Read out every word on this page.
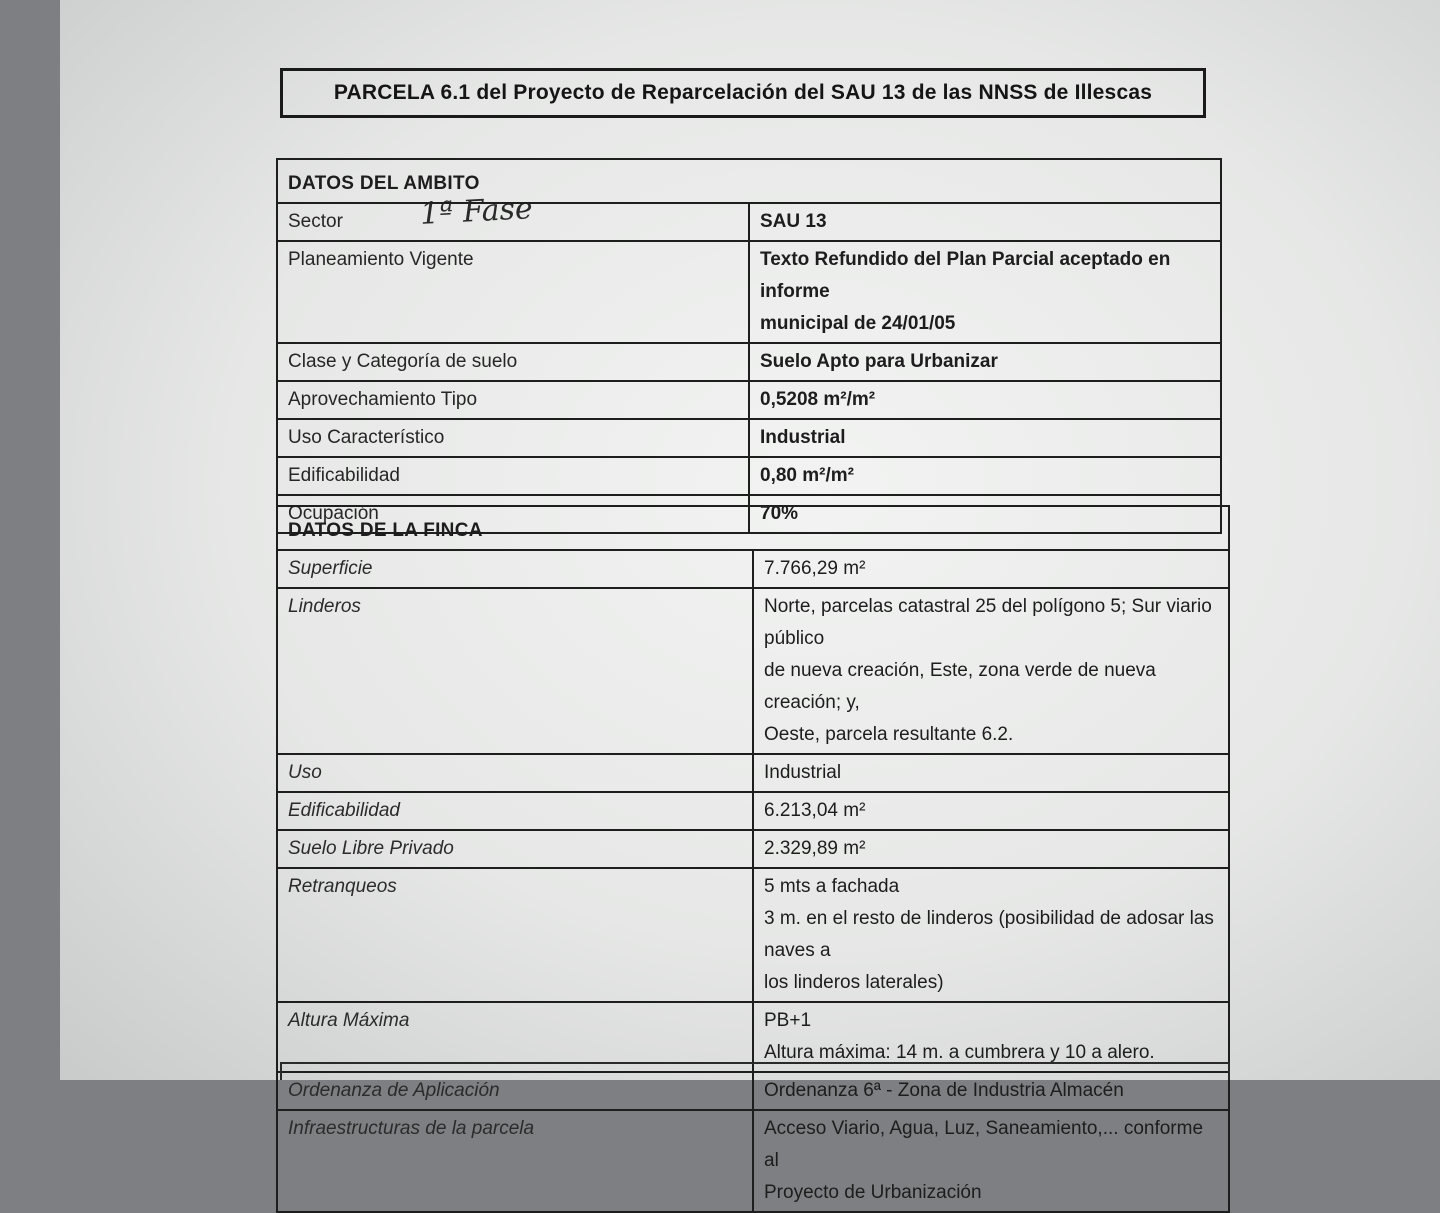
PARCELA 6.1 del Proyecto de Reparcelación del SAU 13 de las NNSS de Illescas
1ª Fase
DATOS DEL AMBITO	
Sector	SAU 13
Planeamiento Vigente	Texto Refundido del Plan Parcial aceptado en informe
municipal de 24/01/05

Clase y Categoría de suelo	Suelo Apto para Urbanizar
Aprovechamiento Tipo	0,5208 m²/m²
Uso Característico	Industrial
Edificabilidad	0,80 m²/m²
Ocupación	70%
DATOS DE LA FINCA	
Superficie	7.766,29 m²
Linderos	Norte, parcelas catastral 25 del polígono 5; Sur viario público
de nueva creación, Este, zona verde de nueva creación; y,
Oeste, parcela resultante 6.2.

Uso	Industrial
Edificabilidad	6.213,04 m²
Suelo Libre Privado	2.329,89 m²
Retranqueos	5 mts a fachada
3 m. en el resto de linderos (posibilidad de adosar las naves a
los linderos laterales)

Altura Máxima	PB+1
Altura máxima: 14 m. a cumbrera y 10 a alero.

Ordenanza de Aplicación	Ordenanza 6ª - Zona de Industria Almacén
Infraestructuras de la parcela	Acceso Viario, Agua, Luz, Saneamiento,... conforme al
Proyecto de Urbanización
